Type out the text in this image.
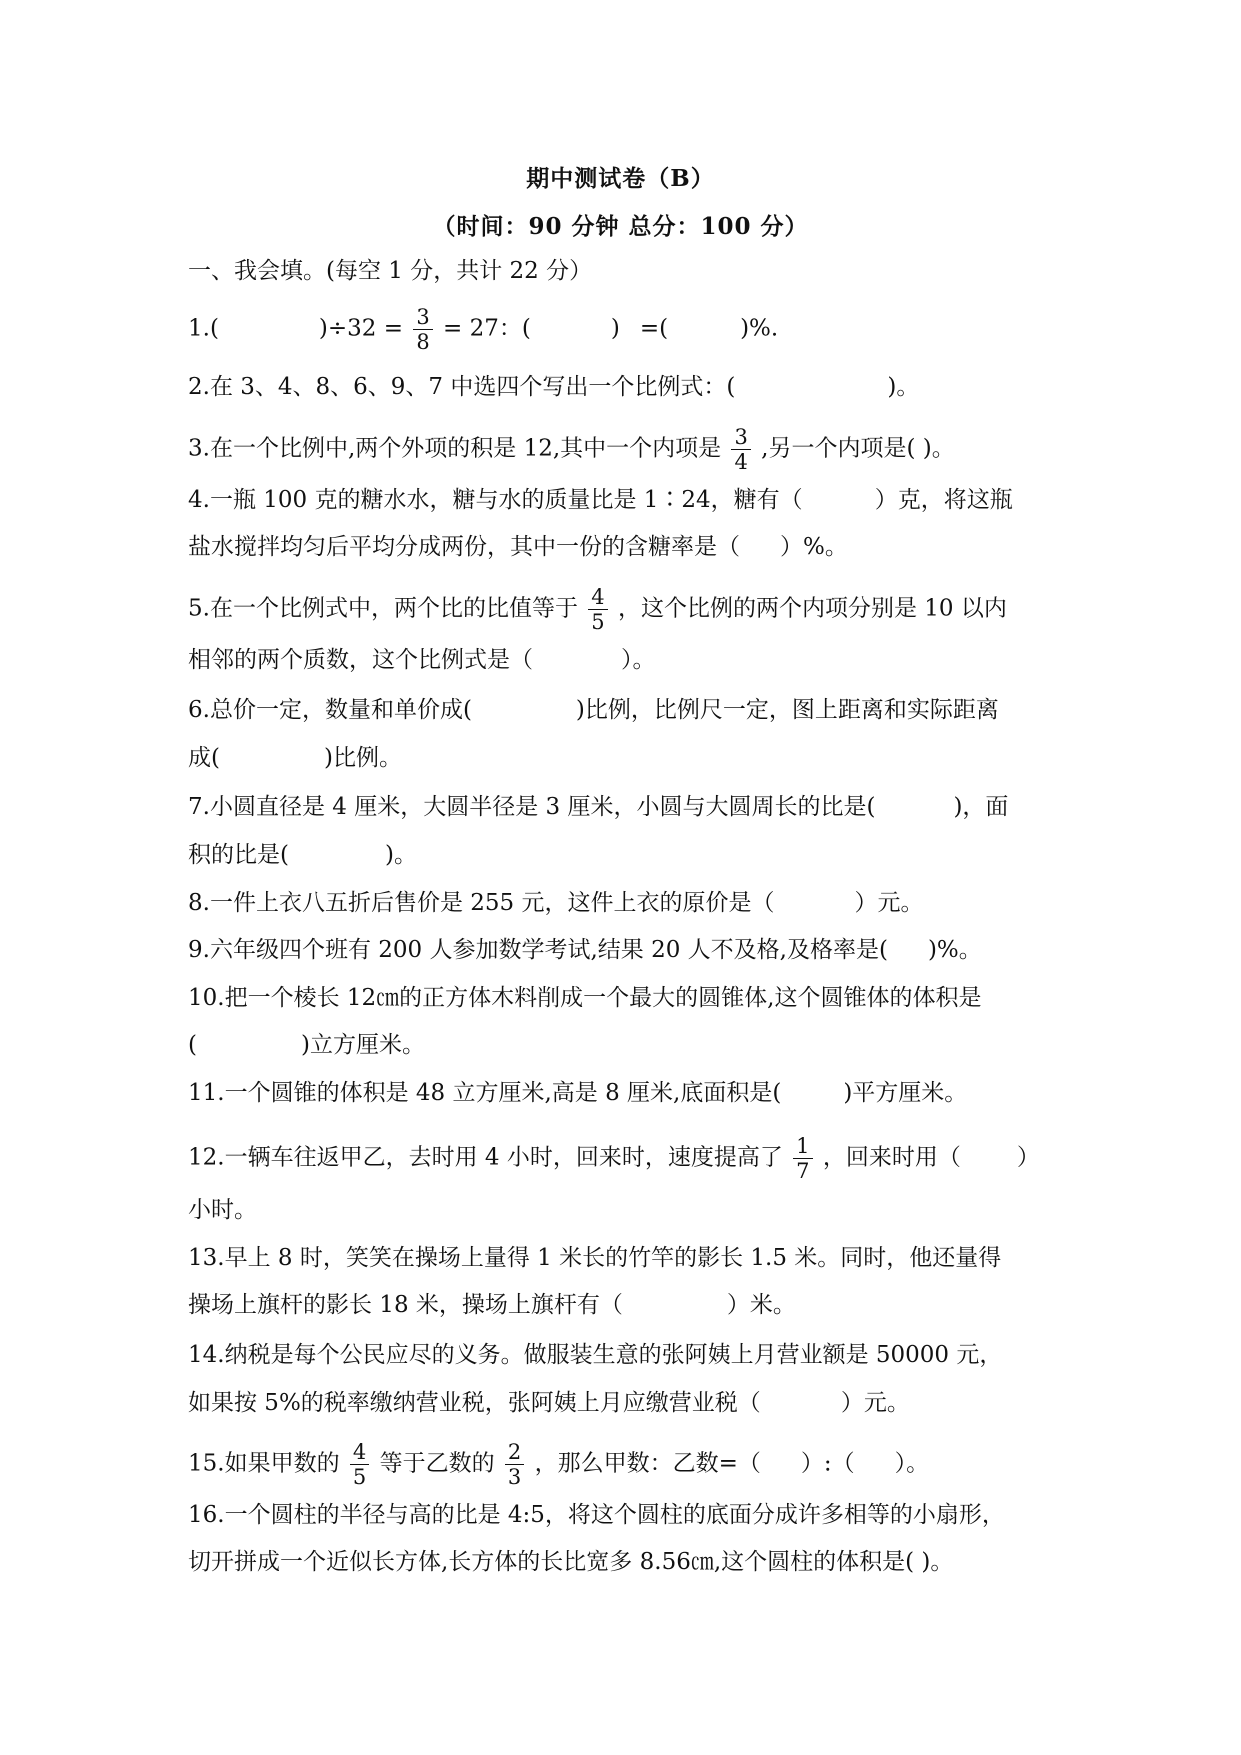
期中测试卷（B）
（时间：90 分钟 总分：100 分）
一、我会填。(每空 1 分，共计 22 分）
1.(	)$\div 32 = \frac{3}{8} = 27$：(	) =(	)%.
2.在 3、4、8、6、9、7 中选四个写出一个比例式：(	)。
3.在一个比例中,两个外项的积是 12,其中一个内项是 $\frac{3}{4}$ ,另一个内项是( )。
4.一瓶 100 克的糖水水，糖与水的质量比是 1∶24，糖有（	）克，将这瓶
盐水搅拌均匀后平均分成两份，其中一份的含糖率是（ ）%。
5.在一个比例式中，两个比的比值等于 $\frac{4}{5}$ ，这个比例的两个内项分别是 10 以内
相邻的两个质数，这个比例式是（	）。
6.总价一定，数量和单价成(	)比例，比例尺一定，图上距离和实际距离
成(	)比例。
7.小圆直径是 4 厘米，大圆半径是 3 厘米，小圆与大圆周长的比是(	)，面
积的比是(	)。
8.一件上衣八五折后售价是 255 元，这件上衣的原价是（	）元。
9.六年级四个班有 200 人参加数学考试,结果 20 人不及格,及格率是( )%。
10.把一个棱长 12㎝的正方体木料削成一个最大的圆锥体,这个圆锥体的体积是
(	)立方厘米。
11.一个圆锥的体积是 48 立方厘米,高是 8 厘米,底面积是(	)平方厘米。
12.一辆车往返甲乙，去时用 4 小时，回来时，速度提高了 $\frac{1}{7}$ ，回来时用（ ）
小时。
13.早上 8 时，笑笑在操场上量得 1 米长的竹竿的影长 1.5 米。同时，他还量得
操场上旗杆的影长 18 米，操场上旗杆有（	）米。
14.纳税是每个公民应尽的义务。做服装生意的张阿姨上月营业额是 50000 元，
如果按 5%的税率缴纳营业税，张阿姨上月应缴营业税（	）元。
15.如果甲数的 $\frac{4}{5}$ 等于乙数的 $\frac{2}{3}$ ，那么甲数：乙数=（ ）:（ ）。
16.一个圆柱的半径与高的比是 4:5，将这个圆柱的底面分成许多相等的小扇形，
切开拼成一个近似长方体,长方体的长比宽多 8.56㎝,这个圆柱的体积是( )。
